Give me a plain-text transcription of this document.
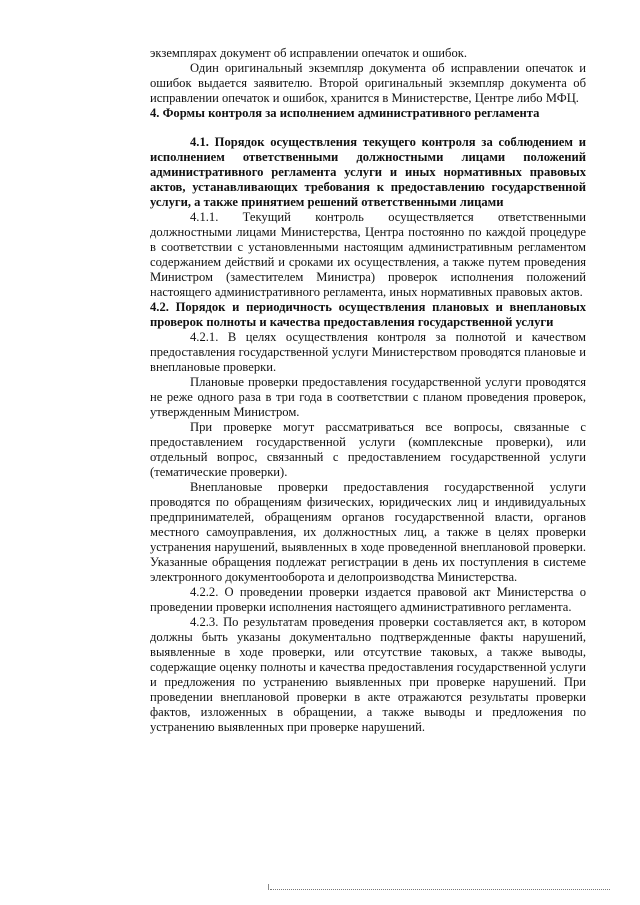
экземплярах документ об исправлении опечаток и ошибок.

Один оригинальный экземпляр документа об исправлении опечаток и ошибок выдается заявителю. Второй оригинальный экземпляр документа об исправлении опечаток и ошибок, хранится в Министерстве, Центре либо МФЦ.

4. Формы контроля за исполнением административного регламента

4.1. Порядок осуществления текущего контроля за соблюдением и исполнением ответственными должностными лицами положений административного регламента услуги и иных нормативных правовых актов, устанавливающих требования к предоставлению государственной услуги, а также принятием решений ответственными лицами

4.1.1. Текущий контроль осуществляется ответственными должностными лицами Министерства, Центра постоянно по каждой процедуре в соответствии с установленными настоящим административным регламентом содержанием действий и сроками их осуществления, а также путем проведения Министром (заместителем Министра) проверок исполнения положений настоящего административного регламента, иных нормативных правовых актов.

4.2. Порядок и периодичность осуществления плановых и внеплановых проверок полноты и качества предоставления государственной услуги

4.2.1. В целях осуществления контроля за полнотой и качеством предоставления государственной услуги Министерством проводятся плановые и внеплановые проверки.

Плановые проверки предоставления государственной услуги проводятся не реже одного раза в три года в соответствии с планом проведения проверок, утвержденным Министром.

При проверке могут рассматриваться все вопросы, связанные с предоставлением государственной услуги (комплексные проверки), или отдельный вопрос, связанный с предоставлением государственной услуги (тематические проверки).

Внеплановые проверки предоставления государственной услуги проводятся по обращениям физических, юридических лиц и индивидуальных предпринимателей, обращениям органов государственной власти, органов местного самоуправления, их должностных лиц, а также в целях проверки устранения нарушений, выявленных в ходе проведенной внеплановой проверки. Указанные обращения подлежат регистрации в день их поступления в системе электронного документооборота и делопроизводства Министерства.

4.2.2. О проведении проверки издается правовой акт Министерства о проведении проверки исполнения настоящего административного регламента.

4.2.3. По результатам проведения проверки составляется акт, в котором должны быть указаны документально подтвержденные факты нарушений, выявленные в ходе проверки, или отсутствие таковых, а также выводы, содержащие оценку полноты и качества предоставления государственной услуги и предложения по устранению выявленных при проверке нарушений. При проведении внеплановой проверки в акте отражаются результаты проверки фактов, изложенных в обращении, а также выводы и предложения по устранению выявленных при проверке нарушений.
